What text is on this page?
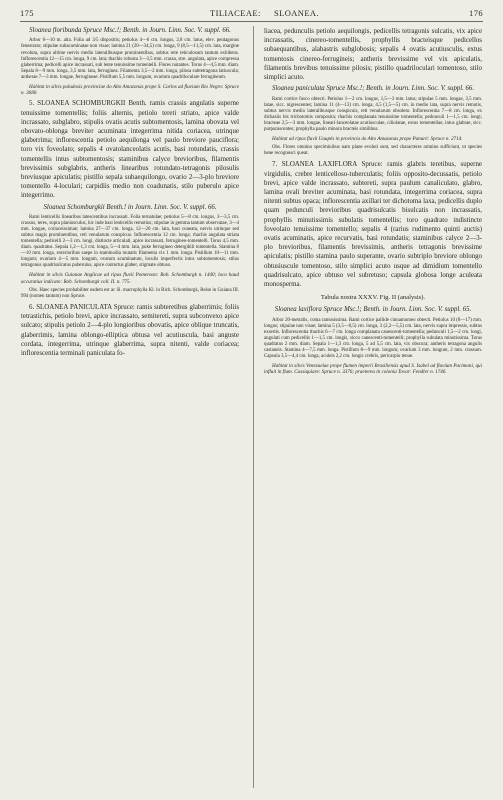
175	TILIACEAE: SLOANEA.	176

Sloanea floribunda Spruce Msc.!; Benth. in Journ. Linn. Soc. V. suppl. 66.

Arbor 6—10 m. alta. Folia ad 3/5 dispositis; petiolus 4—6 cm. longus, 2,8 cm. latus, elev. pentagonus fenestrato; stipulae subacuminatae non visae; lamina 21 (20—34,5) cm. longa, 9 (8,5—11,5) cm. lata, margine revoluta, supra ultime nervis medio lateralibusque prominentibus, subtus rete reticulosum tantum exhibens. Inflorescentia 12—15 cm. longa, 9 cm. lata; thachis robusta 3—3,5 mm. crassa, stre. angulata, apice compressa glaberrima; pedicelli apice incrassati, sub lente tenuissime tomentelli. Flores nutantes. Torus 4—4,5 mm. diam. Sepala 8—9 mm. longa, 3,5 mm. lata, ferruginea. Filamenta 3,5—2 mm. longa, pilosa subtetragona latiuscula; antherae 7—3 mm. longae, ferrugineae. Pistillum 5,5 mm. longum, ovarium quadriloculare ferrugineum.

Habitat in silvis paludosis provinciae do Alto Amazonas prope S. Carlos ad fluvium Rio Negro: Spruce n. 3680.

5. SLOANEA SCHOMBURGKII Benth. ramis crassis angulatis superne tenuissime tomentellis; foliis alternis, petiolo tereti striato, apice valde incrassato, subglabro, stipulis ovatis acutis subtomentosis, lamina obovata vel obovato-oblonga breviter acuminata integerrima nitida coriacea, utrinque glaberrima; inflorescentia petiolo aequilonga vel paulo breviore pauciflora; toro vix foveolato; sepalis 4 ovatolanceolatis acutis, basi rotundatis, crassis tomentellis intus subtomentosis; staminibus calyce brevioribus, filamentis brevissimis subglabris, antheris linearibus rotundato-tetragonis pilosulis breviusque apiculatis; pistillo sepala subaequilongo, ovario 2—3-plo breviore tomentello 4-loculari; carpidiis medio non coadunatis, stilo puberulo apice integerrimo.

Sloanea Schomburgkii Benth.! in Journ. Linn. Soc. V. suppl. 66.

Rami lenticellis linearibus latescentibus incrassati. Folia ternatulae; petiolus 5—8 cm. longus, 3—3,5 cm. crassus, teres, supra planiusculus, hic inde basi lenticellis remotius; stipulae in gemma tantum observatae, 3—4 mm. longae, coriaceissimae; lamina 27—37 cm. longa, 12—20 cm. lata, basi cuneata, nervis utrinque sed subtus magis prominentibus, reti venularum conspicuo. Inflorescentia 12 cm. longa; rhachis angulata striata tomentella; pedicelli 2—3 cm. longi, distincte articulati, apice incrassati, ferrugineo-tomentelli. Torus 4,5 mm. diam. quadratus. Sepala 1,2—1,3 cm. longa, 5—4 mm. lata, puke ferrugineo detergibili tomentella. Stamina 8—10 mm. longa, exterioribus saepe in staminodia mutatis filamenta vix 1 mm. longa. Pistillum 10—11 mm. longum; ovarium 4—5 mm. longum, ovatum acuminatum, loculis imperfectis intus subtomentosis; stilus tetragonus quadrisulcatus puberulus, apice contortus glaber, stigmate obtuso.

Habitat in silvis Guianae Anglicae ad ripas fluvii Pomeroon: Rob. Schomburgk n. 1440; loco haud accuratius indicato: Rob. Schomburgk coll. II. n. 775.

Obs. Haec species probabiliter eadem est ac Sl. macrophylla Kl. in Rich. Schomburgk, Reise in Guiana III. 994 (nomen tantum) non Spruce.

6. SLOANEA PANICULATA Spruce: ramis subteretibus glaberrimis; foliis tetrastichis, petiolo brevi, apice incrassato, semitereti, supra subconvexo apice sulcato; stipulis petiolo 2—4-plo longioribus obovatis, apice oblique truncatis, glaberrimis, lamina oblongo-elliptica obtusa vel acutiuscula, basi anguste cordata, integerrima, utrinque glaberrima, supra nitenti, valde coriacea; inflorescentia terminali paniculata fo-

liacea, pedunculis petiolo aequilongis, pedicellis tetragonis sulcatis, vix apice incrassatis, cinereo-tomentellis, prophyllis bracteisque pedicellos subaequantibus, alabastris subglobosis; sepalis 4 ovatis acutiusculis, extus tomentosis cinereo-ferrugineis; antheris brevissime vel vix apiculatis, filamentis brevibus tenuissime pilosis; pistillo quadriloculari tomentoso, stilo simplici acuto.

Sloanea paniculata Spruce Msc.!; Benth. in Journ. Linn. Soc. V. suppl. 66.

Rami cortice fusco obtecti. Petiolus 1—2 cm. longus, 1,5—3 mm. latus; stipulae 5 mm. longae, 3,5 mm. latae, sicc. nigrescentes; lamina 11 (4—13) cm. longa, 4,5 (1,5—5) cm. in medio lata, supra nervis remotis, subtus nervis medio lateralibusque conspicuis, reti venularum obsoleto. Inflorescentia 7—8 cm. longa, ex dichasiis bis trichotomis composita; rhachis complanata tenuissime tomentella; pedunculi 1—1,5 cm. longi; bracteae 2,5—3 mm. longae, lineari-lanceolatae acutiusculae, ciliolatae, extus tomentellae, intus glabrae, sicc. purpurascentes; prophylla paulo minora bracteis similibus.

Habitat ad ripas fluvii Uaupés in provincia do Alto Amazonas prope Panuré: Spruce n. 2714.

Obs. Flores omnino speciminibus nam plane evoluti sunt, sed characteres omnino sufficiunt, ut species bene recognosci queat.

7. SLOANEA LAXIFLORA Spruce: ramis glabris teretibus, superne virgidulis, crebre lenticelloso-tuberculatis; foliis opposito-decussatis, petiolo brevi, apice valde incrassato, subtereti, supra paulum canaliculato, glabro, lamina ovali breviter acuminata, basi rotundata, integerrima coriacea, supra nitenti subtus opaca; inflorescentia axillari ter dichotoma laxa, pedicellis duplo quam pedunculi brevioribus quadrisulcatis bisulcatis non incrassatis, prophyllis minutissimis subulatis tomentellis; toro quadrato indistincte foveolato tenuissime tomentello; sepalis 4 (rarius rudimento quinti auctis) ovatis acuminatis, apice recurvatis, basi rotundatis; staminibus calyce 2—3-plo brevioribus, filamentis brevissimis, antheris tetragonis brevissime apiculatis; pistillo stamina paulo superante, ovario subtriplo breviore oblongo obtusiuscule tomentoso, stilo simplici acuto usque ad dimidium tomentello quadrisulcato, apice obtuso vel subretuso; capsula globosa longe aculeata monosperma.

Tabula nostra XXXV. Fig. II (analysis).

Sloanea laxiflora Spruce Msc.!; Benth. in Journ. Linn. Soc. V. suppl. 65.

Arbor 20-metralis, coma ramosissima. Rami cortice pallide cinnamomeo obtecti. Petiolus 10 (8—17) mm. longus; stipulae non visae; lamina 5 (3,5—8,5) cm. longa, 3 (2,2—5,5) cm. lata, nervis supra impressis, subtus exsertis. Inflorescentia thachis 6—7 cm. longa complanata canescenti-tomentella; pedunculi 1,5—2 cm. longi, angulati cum pedicellis 1—1,5 cm. longis, sicco canescenti-tomentelli; prophylla subulata minutissima. Torus quadratus 2 mm. diam. Sepala 1—1,3 cm. longa, 5 ad 5,5 cm. lata, vix obscura; antheris tetragona angulis castaneis. Stamina 4—7,5 mm. longa. Pistillum 8—9 mm. longum; ovarium 3 mm. longum, 2 mm. crassum. Capsula 3,5—4,4 cm. longa, aculeis 2,2 cm. longis crebris, pericarpio tenue.

Habitat in silvis Venezuelae prope flumen imperii Brasiliensis apud S. Isabel ad fluvium Pacimoni, qui influit in flum. Cassiquiare: Spruce n. 3376; praeterea in colonia Tovar: Fendler n. 1746.
